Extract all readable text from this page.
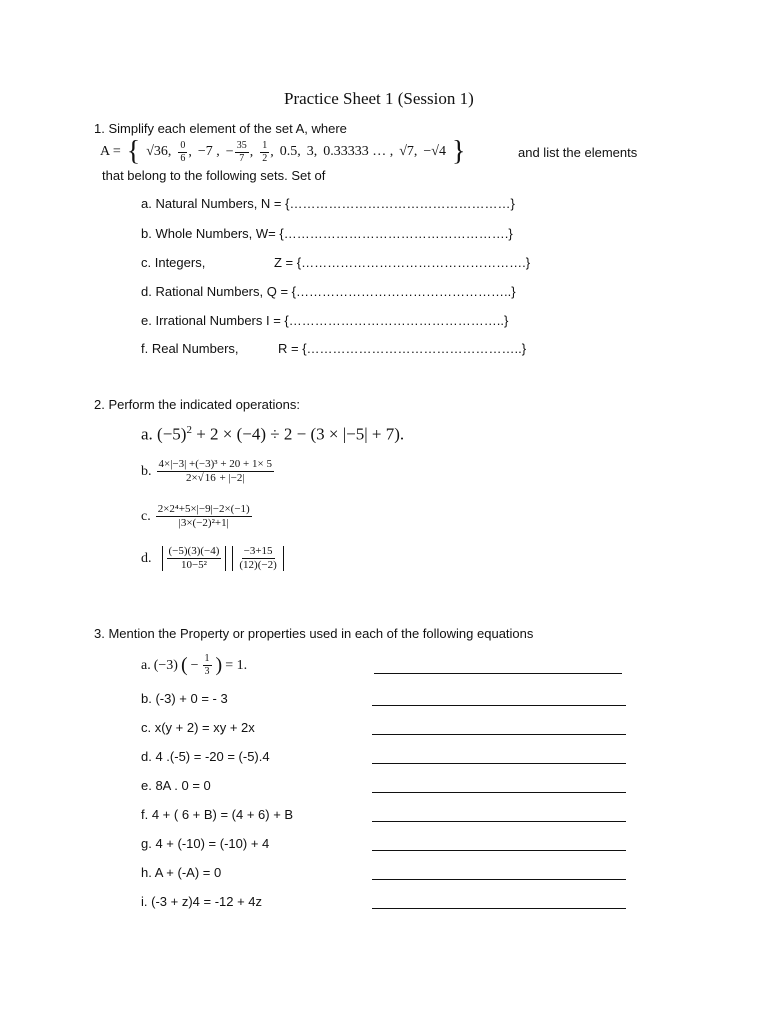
Practice Sheet 1 (Session 1)
1. Simplify each element of the set A, where
A = { √36, $\frac{0}{6}$ , −7 , − $\frac{35}{7}$ , $\frac{1}{2}$ , 0.5, 3, 0.33333 … , √7, −√4 }	and list the elements
that belong to the following sets. Set of
a. Natural Numbers, N = {……………………………………………}
b. Whole Numbers, W= {…………………………………………….}
c. Integers,	Z = {…………………………………………….}
d. Rational Numbers, Q = {…………………………………………..}
e. Irrational Numbers I = {…………………………………………..}
f. Real Numbers,	R = {…………………………………………..}
2. Perform the indicated operations:
a. $(-5)^2 + 2 \times (-4) \div 2 - (3 \times |-5| + 7)$.
b. $\frac{\text{4×|−3| +(−3)³ + 20 + 1× 5}}{2\times√16 + |-2|}$
c. $\frac{\text{2×2⁴+5×|−9|−2×(−1)}}{\text{|3×(−2)²+1|}}$
d. $\frac{(-5)(3)(-4)}{\text{10−5²}} \frac{-3+15}{(12)(-2)}$
3. Mention the Property or properties used in each of the following equations
a. (−3) ( − $\frac{1}{3}$ ) = 1.
b. (-3) + 0 = - 3
c. x(y + 2) = xy + 2x
d. 4 .(-5) = -20 = (-5).4
e. 8A . 0 = 0
f. 4 + ( 6 + B) = (4 + 6) + B
g. 4 + (-10) = (-10) + 4
h. A + (-A) = 0
i. (-3 + z)4 = -12 + 4z
